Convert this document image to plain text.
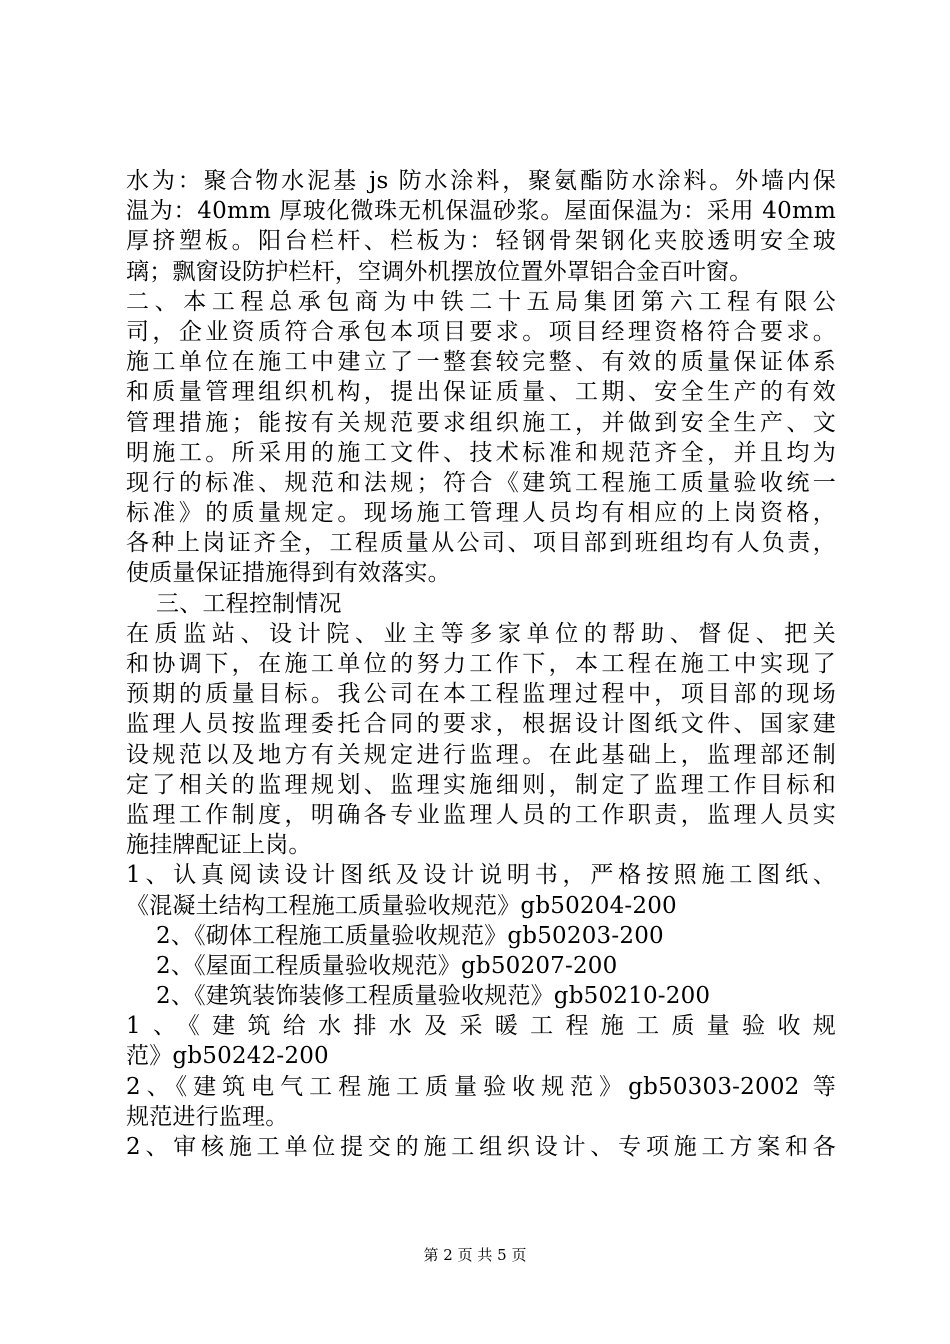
水为：聚合物水泥基 js 防水涂料，聚氨酯防水涂料。外墙内保
温为：40mm 厚玻化微珠无机保温砂浆。屋面保温为：采用 40mm
厚挤塑板。阳台栏杆、栏板为：轻钢骨架钢化夹胶透明安全玻
璃；飘窗设防护栏杆，空调外机摆放位置外罩铝合金百叶窗。
二、本工程总承包商为中铁二十五局集团第六工程有限公
司，企业资质符合承包本项目要求。项目经理资格符合要求。
施工单位在施工中建立了一整套较完整、有效的质量保证体系
和质量管理组织机构，提出保证质量、工期、安全生产的有效
管理措施；能按有关规范要求组织施工，并做到安全生产、文
明施工。所采用的施工文件、技术标准和规范齐全，并且均为
现行的标准、规范和法规；符合《建筑工程施工质量验收统一
标准》的质量规定。现场施工管理人员均有相应的上岗资格，
各种上岗证齐全，工程质量从公司、项目部到班组均有人负责，
使质量保证措施得到有效落实。
三、工程控制情况
在质监站、设计院、业主等多家单位的帮助、督促、把关
和协调下，在施工单位的努力工作下，本工程在施工中实现了
预期的质量目标。我公司在本工程监理过程中，项目部的现场
监理人员按监理委托合同的要求，根据设计图纸文件、国家建
设规范以及地方有关规定进行监理。在此基础上，监理部还制
定了相关的监理规划、监理实施细则，制定了监理工作目标和
监理工作制度，明确各专业监理人员的工作职责，监理人员实
施挂牌配证上岗。
1、认真阅读设计图纸及设计说明书，严格按照施工图纸、
《混凝土结构工程施工质量验收规范》gb50204-200
2、《砌体工程施工质量验收规范》gb50203-200
2、《屋面工程质量验收规范》gb50207-200
2、《建筑装饰装修工程质量验收规范》gb50210-200
1、《建筑给水排水及采暖工程施工质量验收规
范》gb50242-200
2、《建筑电气工程施工质量验收规范》gb50303-2002 等
规范进行监理。
2、审核施工单位提交的施工组织设计、专项施工方案和各
第 2 页 共 5 页
